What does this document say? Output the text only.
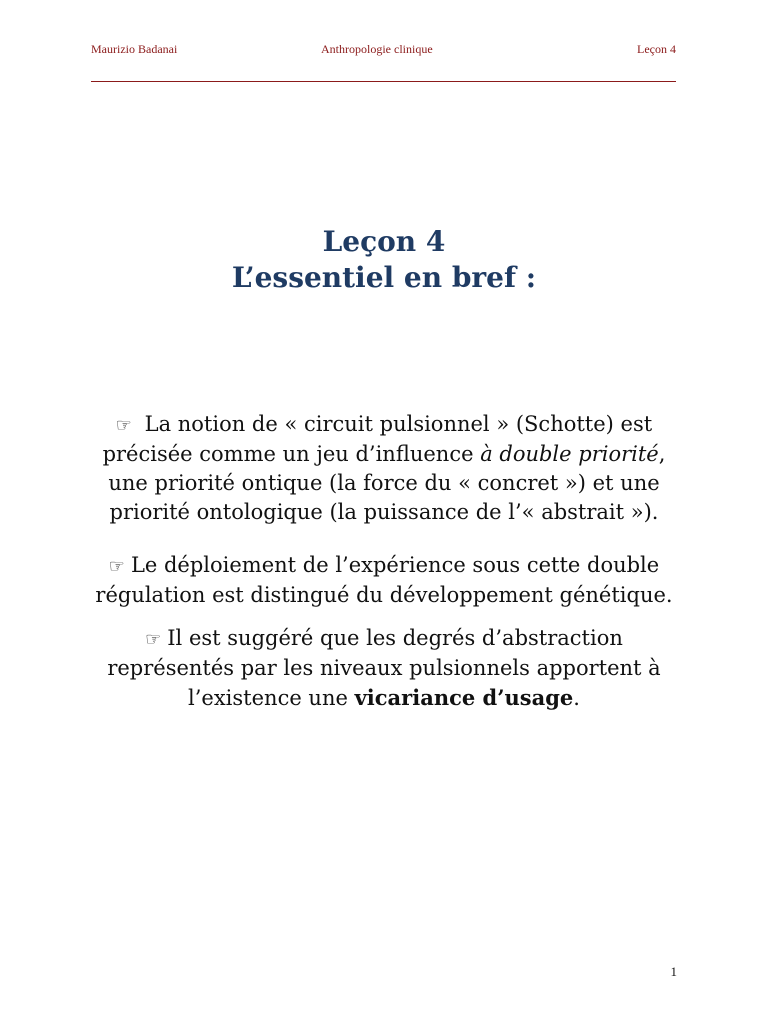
Maurizio Badanai	Anthropologie clinique	Leçon 4
Leçon 4
L’essentiel en bref :

☞ La notion de « circuit pulsionnel » (Schotte) est précisée comme un jeu d’influence à double priorité, une priorité ontique (la force du « concret ») et une priorité ontologique (la puissance de l’« abstrait »).

☞ Le déploiement de l’expérience sous cette double régulation est distingué du développement génétique.

☞ Il est suggéré que les degrés d’abstraction représentés par les niveaux pulsionnels apportent à l’existence une vicariance d’usage.

1
